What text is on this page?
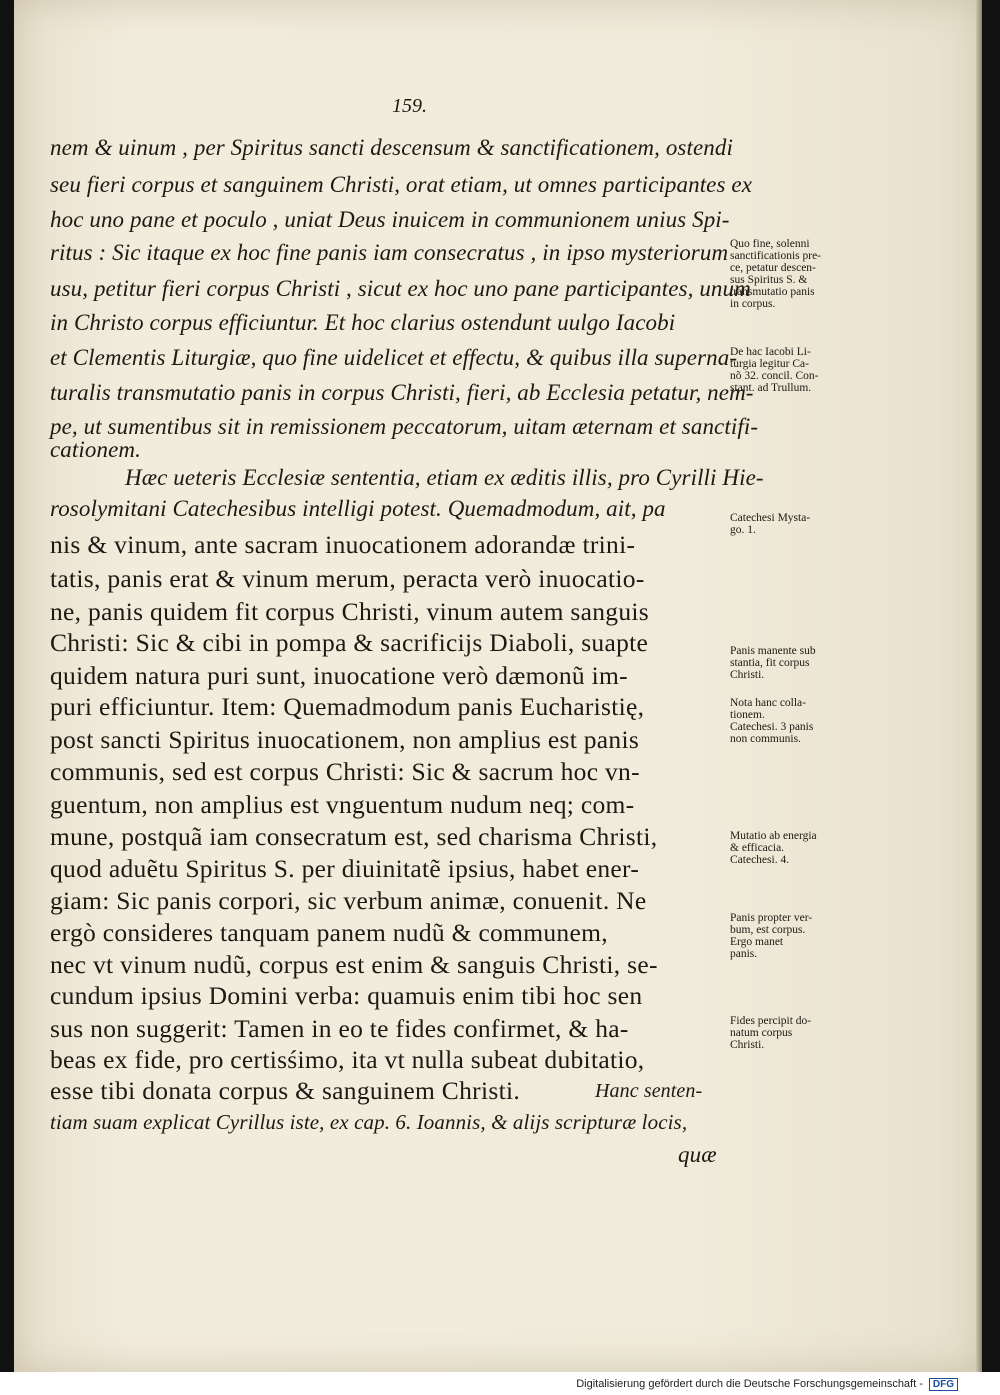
159.
nem & uinum , per Spiritus sancti descensum & sanctificationem, ostendi
seu fieri corpus et sanguinem Christi, orat etiam, ut omnes participantes ex
hoc uno pane et poculo , uniat Deus inuicem in communionem unius Spi-
ritus : Sic itaque ex hoc fine panis iam consecratus , in ipso mysteriorum
usu, petitur fieri corpus Christi , sicut ex hoc uno pane participantes, unum
in Christo corpus efficiuntur. Et hoc clarius ostendunt uulgo Iacobi
et Clementis Liturgiæ, quo fine uidelicet et effectu, & quibus illa superna-
turalis transmutatio panis in corpus Christi, fieri, ab Ecclesia petatur, nem-
pe, ut sumentibus sit in remissionem peccatorum, uitam æternam et sanctifi-
cationem.
Hæc ueteris Ecclesiæ sententia, etiam ex æditis illis, pro Cyrilli Hie-
rosolymitani Catechesibus intelligi potest. Quemadmodum, ait, pa
nis & vinum, ante sacram inuocationem adorandæ trini-
tatis, panis erat & vinum merum, peracta verò inuocatio-
ne, panis quidem fit corpus Christi, vinum autem sanguis
Christi: Sic & cibi in pompa & sacrificijs Diaboli, suapte
quidem natura puri sunt, inuocatione verò dæmonũ im-
puri efficiuntur. Item: Quemadmodum panis Eucharistię,
post sancti Spiritus inuocationem, non amplius est panis
communis, sed est corpus Christi: Sic & sacrum hoc vn-
guentum, non amplius est vnguentum nudum neq; com-
mune, postquã iam consecratum est, sed charisma Christi,
quod aduẽtu Spiritus S. per diuinitatẽ ipsius, habet ener-
giam: Sic panis corpori, sic verbum animæ, conuenit. Ne
ergò consideres tanquam panem nudũ & communem,
nec vt vinum nudũ, corpus est enim & sanguis Christi, se-
cundum ipsius Domini verba: quamuis enim tibi hoc sen
sus non suggerit: Tamen in eo te fides confirmet, & ha-
beas ex fide, pro certisśimo, ita vt nulla subeat dubitatio,
esse tibi donata corpus & sanguinem Christi.	Hanc senten-
tiam suam explicat Cyrillus iste, ex cap. 6. Ioannis, & alijs scripturæ locis,
quæ
Quo fine, solenni
sanctificationis pre-
ce, petatur descen-
sus Spiritus S. &
transmutatio panis
in corpus.
De hac Iacobi Li-
turgia legitur Ca-
nõ 32. concil. Con-
stant. ad Trullum.
Catechesi Mysta-
go. 1.
Panis manente sub
stantia, fit corpus
Christi.
Nota hanc colla-
tionem.
Catechesi. 3 panis
non communis.
Mutatio ab energia
& efficacia.
Catechesi. 4.
Panis propter ver-
bum, est corpus.
Ergo manet
panis.
Fides percipit do-
natum corpus
Christi.
Digitalisierung gefördert durch die Deutsche Forschungsgemeinschaft - DFG
